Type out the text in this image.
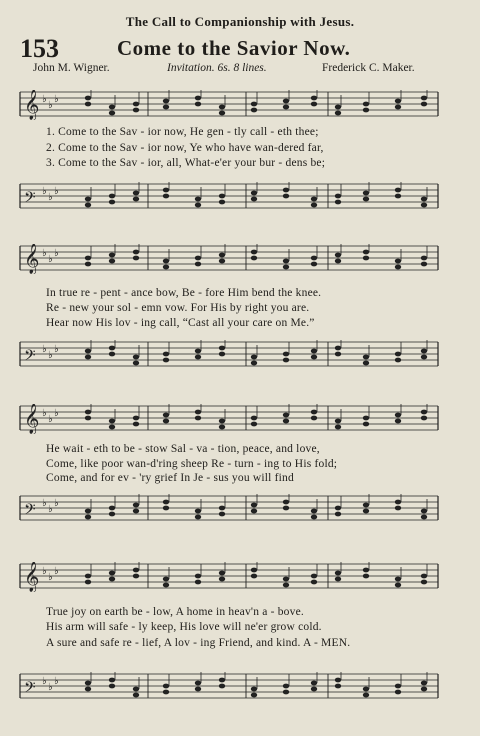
The Call to Companionship with Jesus.
153	Come to the Savior Now.
John M. Wigner.	Invitation. 6s. 8 lines.	Frederick C. Maker.
𝄞 ♭
♭
♭
1. Come to the Sav - ior now, He gen - tly call - eth thee;
2. Come to the Sav - ior now, Ye who have wan-dered far,
3. Come to the Sav - ior, all, What-e'er your bur - dens be;
𝄢 ♭
♭
♭
𝄞 ♭
♭
♭
In true re - pent - ance bow, Be - fore Him bend the knee.
Re - new your sol - emn vow. For His by right you are.
Hear now His lov - ing call, “Cast all your care on Me.”
𝄢 ♭
♭
♭
𝄞 ♭
♭
♭
He wait - eth to be - stow Sal - va - tion, peace, and love,
Come, like poor wan-d'ring sheep Re - turn - ing to His fold;
Come, and for ev - 'ry grief In Je - sus you will find
𝄢 ♭
♭
♭
𝄞 ♭
♭
♭
True joy on earth be - low, A home in heav'n a - bove.
His arm will safe - ly keep, His love will ne'er grow cold.
A sure and safe re - lief, A lov - ing Friend, and kind. A - MEN.
𝄢 ♭
♭
♭
